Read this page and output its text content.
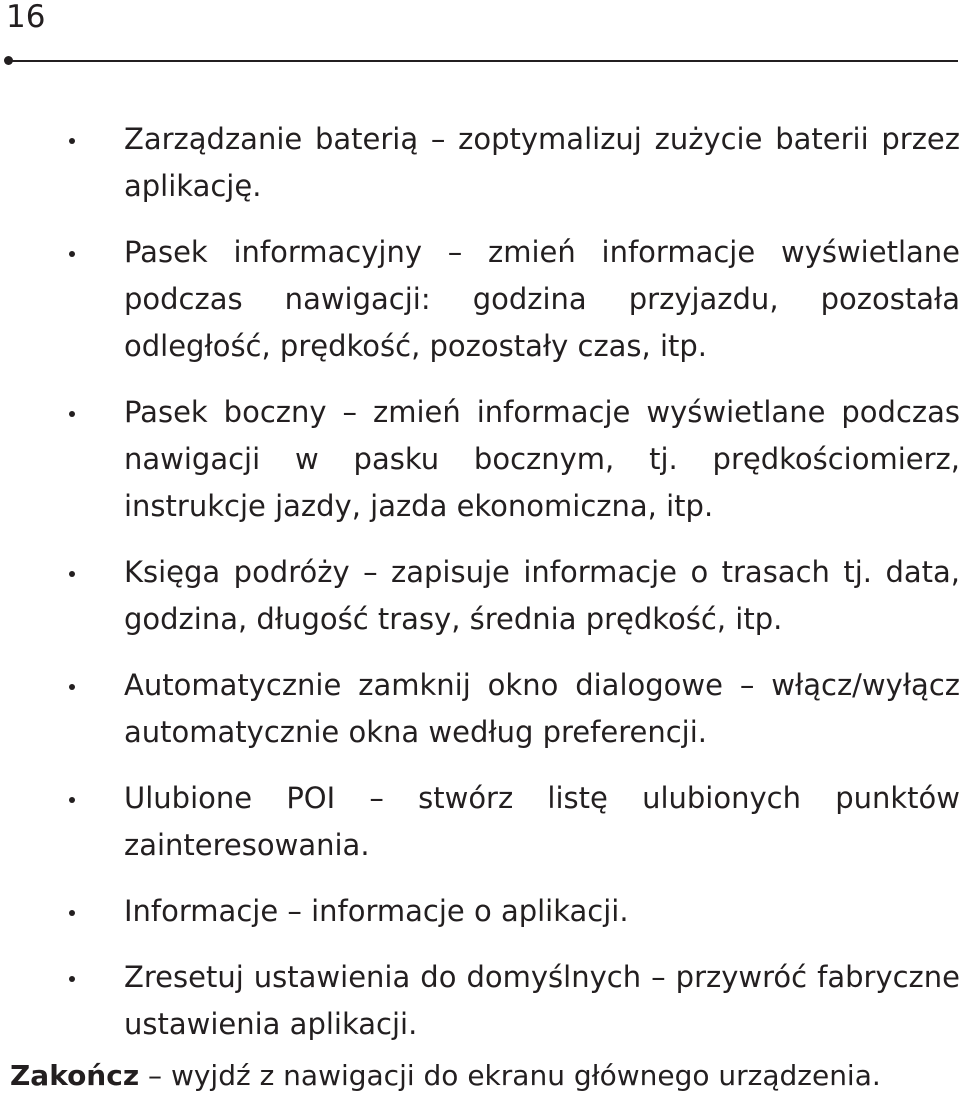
16
Zarządzanie baterią – zoptymalizuj zużycie baterii przez aplikację.
Pasek informacyjny – zmień informacje wyświetlane podczas nawigacji: godzina przyjazdu, pozostała odległość, prędkość, pozostały czas, itp.
Pasek boczny – zmień informacje wyświetlane podczas nawigacji w pasku bocznym, tj. prędkościomierz, instrukcje jazdy, jazda ekonomiczna, itp.
Księga podróży – zapisuje informacje o trasach tj. data, godzina, długość trasy, średnia prędkość, itp.
Automatycznie zamknij okno dialogowe – włącz/wyłącz automatycznie okna według preferencji.
Ulubione POI – stwórz listę ulubionych punktów zainteresowania.
Informacje – informacje o aplikacji.
Zresetuj ustawienia do domyślnych – przywróć fabryczne ustawienia aplikacji.

Zakończ – wyjdź z nawigacji do ekranu głównego urządzenia.
